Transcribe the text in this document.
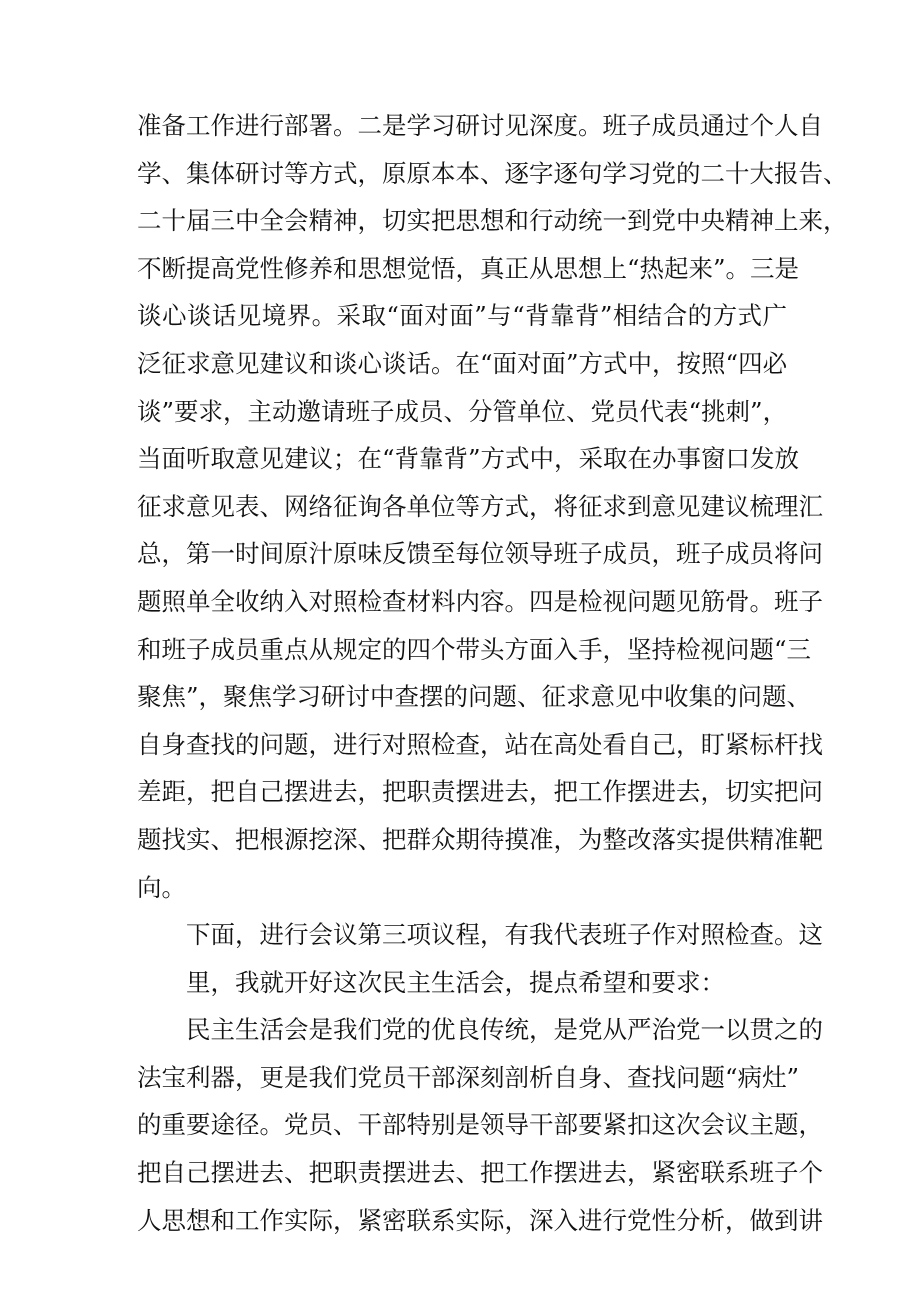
准备工作进行部署。二是学习研讨见深度。班子成员通过个人自
学、集体研讨等方式，原原本本、逐字逐句学习党的二十大报告、
二十届三中全会精神，切实把思想和行动统一到党中央精神上来，
不断提高党性修养和思想觉悟，真正从思想上“热起来”。三是
谈心谈话见境界。采取“面对面”与“背靠背”相结合的方式广
泛征求意见建议和谈心谈话。在“面对面”方式中，按照“四必
谈”要求，主动邀请班子成员、分管单位、党员代表“挑刺”，
当面听取意见建议；在“背靠背”方式中，采取在办事窗口发放
征求意见表、网络征询各单位等方式，将征求到意见建议梳理汇
总，第一时间原汁原味反馈至每位领导班子成员，班子成员将问
题照单全收纳入对照检查材料内容。四是检视问题见筋骨。班子
和班子成员重点从规定的四个带头方面入手，坚持检视问题“三
聚焦”，聚焦学习研讨中查摆的问题、征求意见中收集的问题、
自身查找的问题，进行对照检查，站在高处看自己，盯紧标杆找
差距，把自己摆进去，把职责摆进去，把工作摆进去，切实把问
题找实、把根源挖深、把群众期待摸准，为整改落实提供精准靶
向。
下面，进行会议第三项议程，有我代表班子作对照检查。这
里，我就开好这次民主生活会，提点希望和要求：
民主生活会是我们党的优良传统，是党从严治党一以贯之的
法宝利器，更是我们党员干部深刻剖析自身、查找问题“病灶”
的重要途径。党员、干部特别是领导干部要紧扣这次会议主题，
把自己摆进去、把职责摆进去、把工作摆进去，紧密联系班子个
人思想和工作实际，紧密联系实际，深入进行党性分析，做到讲
